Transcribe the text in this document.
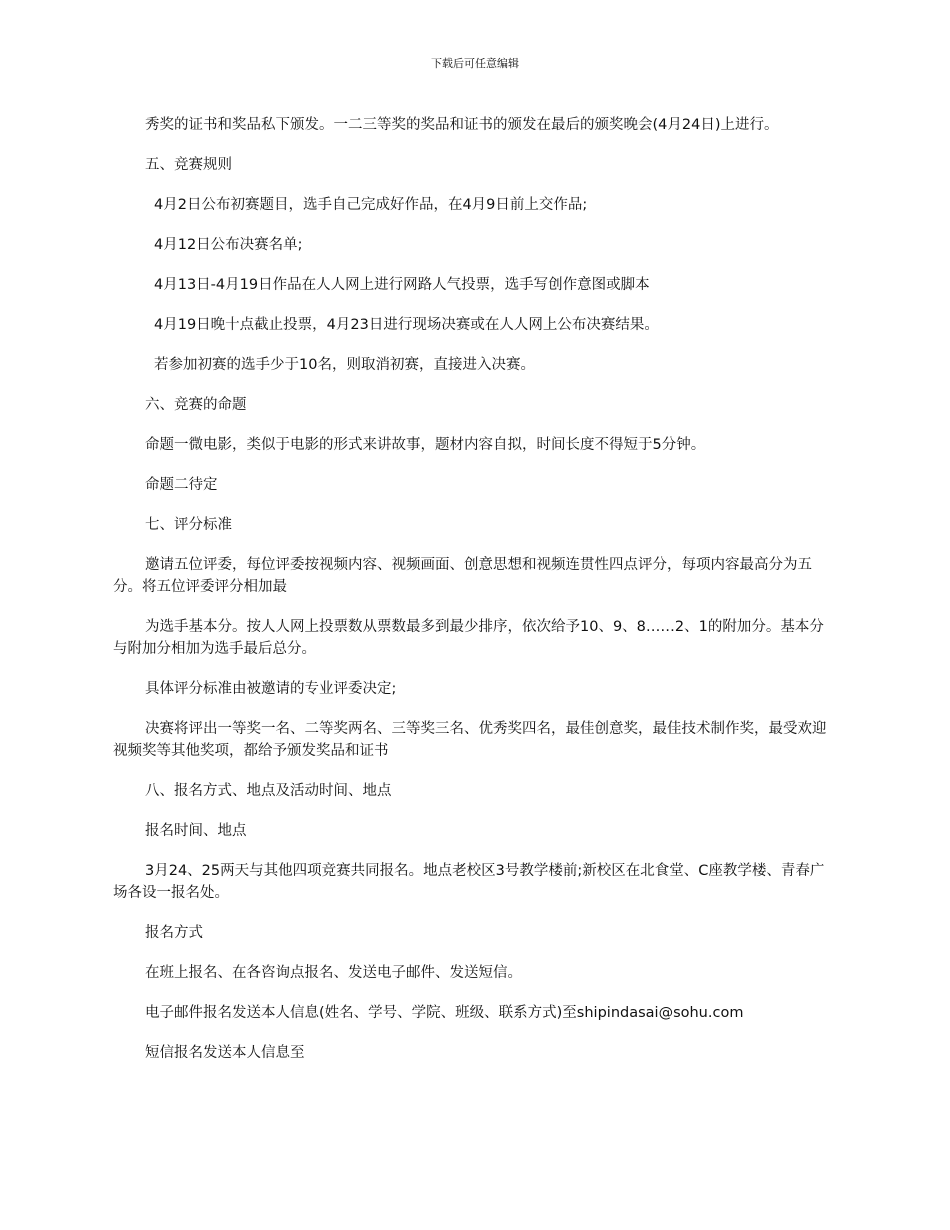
下载后可任意编辑

秀奖的证书和奖品私下颁发。一二三等奖的奖品和证书的颁发在最后的颁奖晚会(4月24日)上进行。

五、竞赛规则

4月2日公布初赛题目，选手自己完成好作品，在4月9日前上交作品;

4月12日公布决赛名单;

4月13日-4月19日作品在人人网上进行网路人气投票，选手写创作意图或脚本

4月19日晚十点截止投票，4月23日进行现场决赛或在人人网上公布决赛结果。

若参加初赛的选手少于10名，则取消初赛，直接进入决赛。

六、竞赛的命题

命题一微电影，类似于电影的形式来讲故事，题材内容自拟，时间长度不得短于5分钟。

命题二待定

七、评分标准

邀请五位评委，每位评委按视频内容、视频画面、创意思想和视频连贯性四点评分，每项内容最高分为五分。将五位评委评分相加最

为选手基本分。按人人网上投票数从票数最多到最少排序，依次给予10、9、8……2、1的附加分。基本分与附加分相加为选手最后总分。

具体评分标准由被邀请的专业评委决定;

决赛将评出一等奖一名、二等奖两名、三等奖三名、优秀奖四名，最佳创意奖，最佳技术制作奖，最受欢迎视频奖等其他奖项，都给予颁发奖品和证书

八、报名方式、地点及活动时间、地点

报名时间、地点

3月24、25两天与其他四项竞赛共同报名。地点老校区3号教学楼前;新校区在北食堂、C座教学楼、青春广场各设一报名处。

报名方式

在班上报名、在各咨询点报名、发送电子邮件、发送短信。

电子邮件报名发送本人信息(姓名、学号、学院、班级、联系方式)至shipindasai@sohu.com

短信报名发送本人信息至
